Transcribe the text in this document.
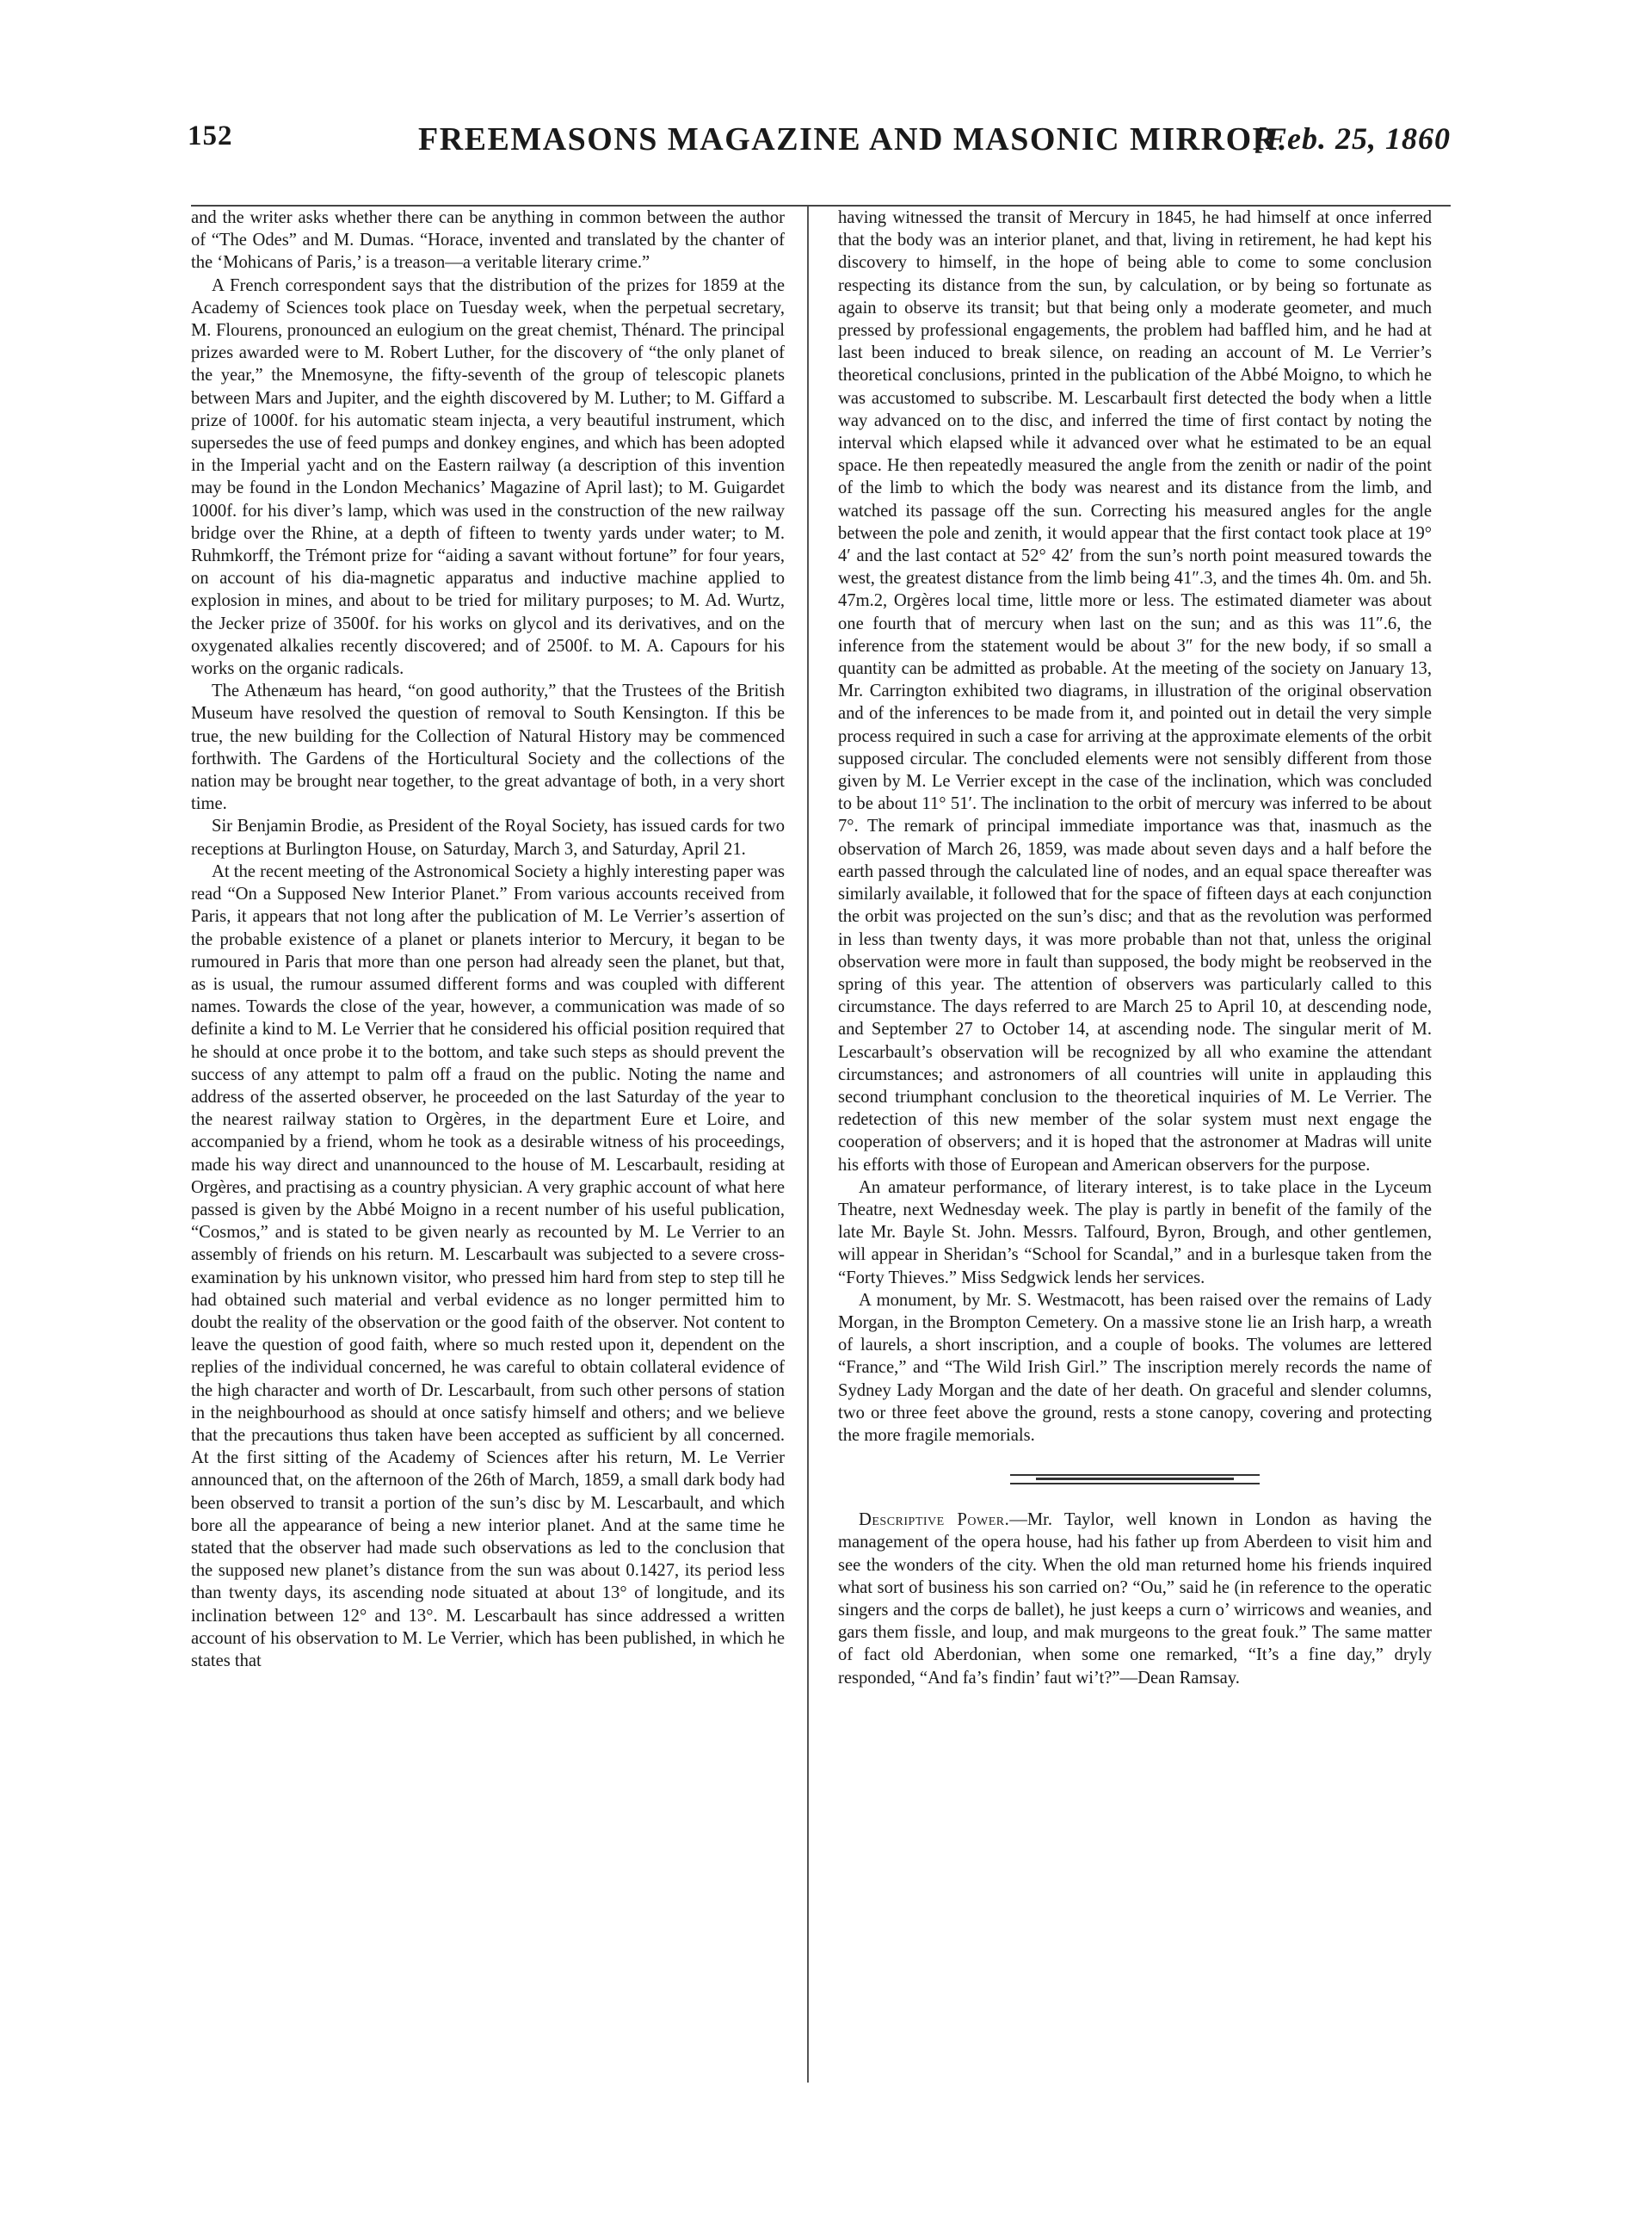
152	FREEMASONS MAGAZINE AND MASONIC MIRROR.
[Feb. 25, 1860

and the writer asks whether there can be anything in common between the author of “The Odes” and M. Dumas. “Horace, invented and translated by the chanter of the ‘Mohicans of Paris,’ is a treason—a veritable literary crime.”

A French correspondent says that the distribution of the prizes for 1859 at the Academy of Sciences took place on Tuesday week, when the perpetual secretary, M. Flourens, pronounced an eulogium on the great chemist, Thénard. The principal prizes awarded were to M. Robert Luther, for the discovery of “the only planet of the year,” the Mnemosyne, the fifty-seventh of the group of telescopic planets between Mars and Jupiter, and the eighth discovered by M. Luther; to M. Giffard a prize of 1000f. for his automatic steam injecta, a very beautiful instrument, which supersedes the use of feed pumps and donkey engines, and which has been adopted in the Imperial yacht and on the Eastern railway (a description of this invention may be found in the London Mechanics’ Magazine of April last); to M. Guigardet 1000f. for his diver’s lamp, which was used in the construction of the new railway bridge over the Rhine, at a depth of fifteen to twenty yards under water; to M. Ruhmkorff, the Trémont prize for “aiding a savant without fortune” for four years, on account of his dia-magnetic apparatus and inductive machine applied to explosion in mines, and about to be tried for military purposes; to M. Ad. Wurtz, the Jecker prize of 3500f. for his works on glycol and its derivatives, and on the oxygenated alkalies recently discovered; and of 2500f. to M. A. Capours for his works on the organic radicals.

The Athenæum has heard, “on good authority,” that the Trustees of the British Museum have resolved the question of removal to South Kensington. If this be true, the new building for the Collection of Natural History may be commenced forthwith. The Gardens of the Horticultural Society and the collections of the nation may be brought near together, to the great advantage of both, in a very short time.

Sir Benjamin Brodie, as President of the Royal Society, has issued cards for two receptions at Burlington House, on Saturday, March 3, and Saturday, April 21.

At the recent meeting of the Astronomical Society a highly interesting paper was read “On a Supposed New Interior Planet.” From various accounts received from Paris, it appears that not long after the publication of M. Le Verrier’s assertion of the probable existence of a planet or planets interior to Mercury, it began to be rumoured in Paris that more than one person had already seen the planet, but that, as is usual, the rumour assumed different forms and was coupled with different names. Towards the close of the year, however, a communication was made of so definite a kind to M. Le Verrier that he considered his official position required that he should at once probe it to the bottom, and take such steps as should prevent the success of any attempt to palm off a fraud on the public. Noting the name and address of the asserted observer, he proceeded on the last Saturday of the year to the nearest railway station to Orgères, in the department Eure et Loire, and accompanied by a friend, whom he took as a desirable witness of his proceedings, made his way direct and unannounced to the house of M. Lescarbault, residing at Orgères, and practising as a country physician. A very graphic account of what here passed is given by the Abbé Moigno in a recent number of his useful publication, “Cosmos,” and is stated to be given nearly as recounted by M. Le Verrier to an assembly of friends on his return. M. Lescarbault was subjected to a severe cross-examination by his unknown visitor, who pressed him hard from step to step till he had obtained such material and verbal evidence as no longer permitted him to doubt the reality of the observation or the good faith of the observer. Not content to leave the question of good faith, where so much rested upon it, dependent on the replies of the individual concerned, he was careful to obtain collateral evidence of the high character and worth of Dr. Lescarbault, from such other persons of station in the neighbourhood as should at once satisfy himself and others; and we believe that the precautions thus taken have been accepted as sufficient by all concerned. At the first sitting of the Academy of Sciences after his return, M. Le Verrier announced that, on the afternoon of the 26th of March, 1859, a small dark body had been observed to transit a portion of the sun’s disc by M. Lescarbault, and which bore all the appearance of being a new interior planet. And at the same time he stated that the observer had made such observations as led to the conclusion that the supposed new planet’s distance from the sun was about 0.1427, its period less than twenty days, its ascending node situated at about 13° of longitude, and its inclination between 12° and 13°. M. Lescarbault has since addressed a written account of his observation to M. Le Verrier, which has been published, in which he states that

having witnessed the transit of Mercury in 1845, he had himself at once inferred that the body was an interior planet, and that, living in retirement, he had kept his discovery to himself, in the hope of being able to come to some conclusion respecting its distance from the sun, by calculation, or by being so fortunate as again to observe its transit; but that being only a moderate geometer, and much pressed by professional engagements, the problem had baffled him, and he had at last been induced to break silence, on reading an account of M. Le Verrier’s theoretical conclusions, printed in the publication of the Abbé Moigno, to which he was accustomed to subscribe. M. Lescarbault first detected the body when a little way advanced on to the disc, and inferred the time of first contact by noting the interval which elapsed while it advanced over what he estimated to be an equal space. He then repeatedly measured the angle from the zenith or nadir of the point of the limb to which the body was nearest and its distance from the limb, and watched its passage off the sun. Correcting his measured angles for the angle between the pole and zenith, it would appear that the first contact took place at 19° 4′ and the last contact at 52° 42′ from the sun’s north point measured towards the west, the greatest distance from the limb being 41″.3, and the times 4h. 0m. and 5h. 47m.2, Orgères local time, little more or less. The estimated diameter was about one fourth that of mercury when last on the sun; and as this was 11″.6, the inference from the statement would be about 3″ for the new body, if so small a quantity can be admitted as probable. At the meeting of the society on January 13, Mr. Carrington exhibited two diagrams, in illustration of the original observation and of the inferences to be made from it, and pointed out in detail the very simple process required in such a case for arriving at the approximate elements of the orbit supposed circular. The concluded elements were not sensibly different from those given by M. Le Verrier except in the case of the inclination, which was concluded to be about 11° 51′. The inclination to the orbit of mercury was inferred to be about 7°. The remark of principal immediate importance was that, inasmuch as the observation of March 26, 1859, was made about seven days and a half before the earth passed through the calculated line of nodes, and an equal space thereafter was similarly available, it followed that for the space of fifteen days at each conjunction the orbit was projected on the sun’s disc; and that as the revolution was performed in less than twenty days, it was more probable than not that, unless the original observation were more in fault than supposed, the body might be reobserved in the spring of this year. The attention of observers was particularly called to this circumstance. The days referred to are March 25 to April 10, at descending node, and September 27 to October 14, at ascending node. The singular merit of M. Lescarbault’s observation will be recognized by all who examine the attendant circumstances; and astronomers of all countries will unite in applauding this second triumphant conclusion to the theoretical inquiries of M. Le Verrier. The redetection of this new member of the solar system must next engage the cooperation of observers; and it is hoped that the astronomer at Madras will unite his efforts with those of European and American observers for the purpose.

An amateur performance, of literary interest, is to take place in the Lyceum Theatre, next Wednesday week. The play is partly in benefit of the family of the late Mr. Bayle St. John. Messrs. Talfourd, Byron, Brough, and other gentlemen, will appear in Sheridan’s “School for Scandal,” and in a burlesque taken from the “Forty Thieves.” Miss Sedgwick lends her services.

A monument, by Mr. S. Westmacott, has been raised over the remains of Lady Morgan, in the Brompton Cemetery. On a massive stone lie an Irish harp, a wreath of laurels, a short inscription, and a couple of books. The volumes are lettered “France,” and “The Wild Irish Girl.” The inscription merely records the name of Sydney Lady Morgan and the date of her death. On graceful and slender columns, two or three feet above the ground, rests a stone canopy, covering and protecting the more fragile memorials.

Descriptive Power.—Mr. Taylor, well known in London as having the management of the opera house, had his father up from Aberdeen to visit him and see the wonders of the city. When the old man returned home his friends inquired what sort of business his son carried on? “Ou,” said he (in reference to the operatic singers and the corps de ballet), he just keeps a curn o’ wirricows and weanies, and gars them fissle, and loup, and mak murgeons to the great fouk.” The same matter of fact old Aberdonian, when some one remarked, “It’s a fine day,” dryly responded, “And fa’s findin’ faut wi’t?”—Dean Ramsay.
